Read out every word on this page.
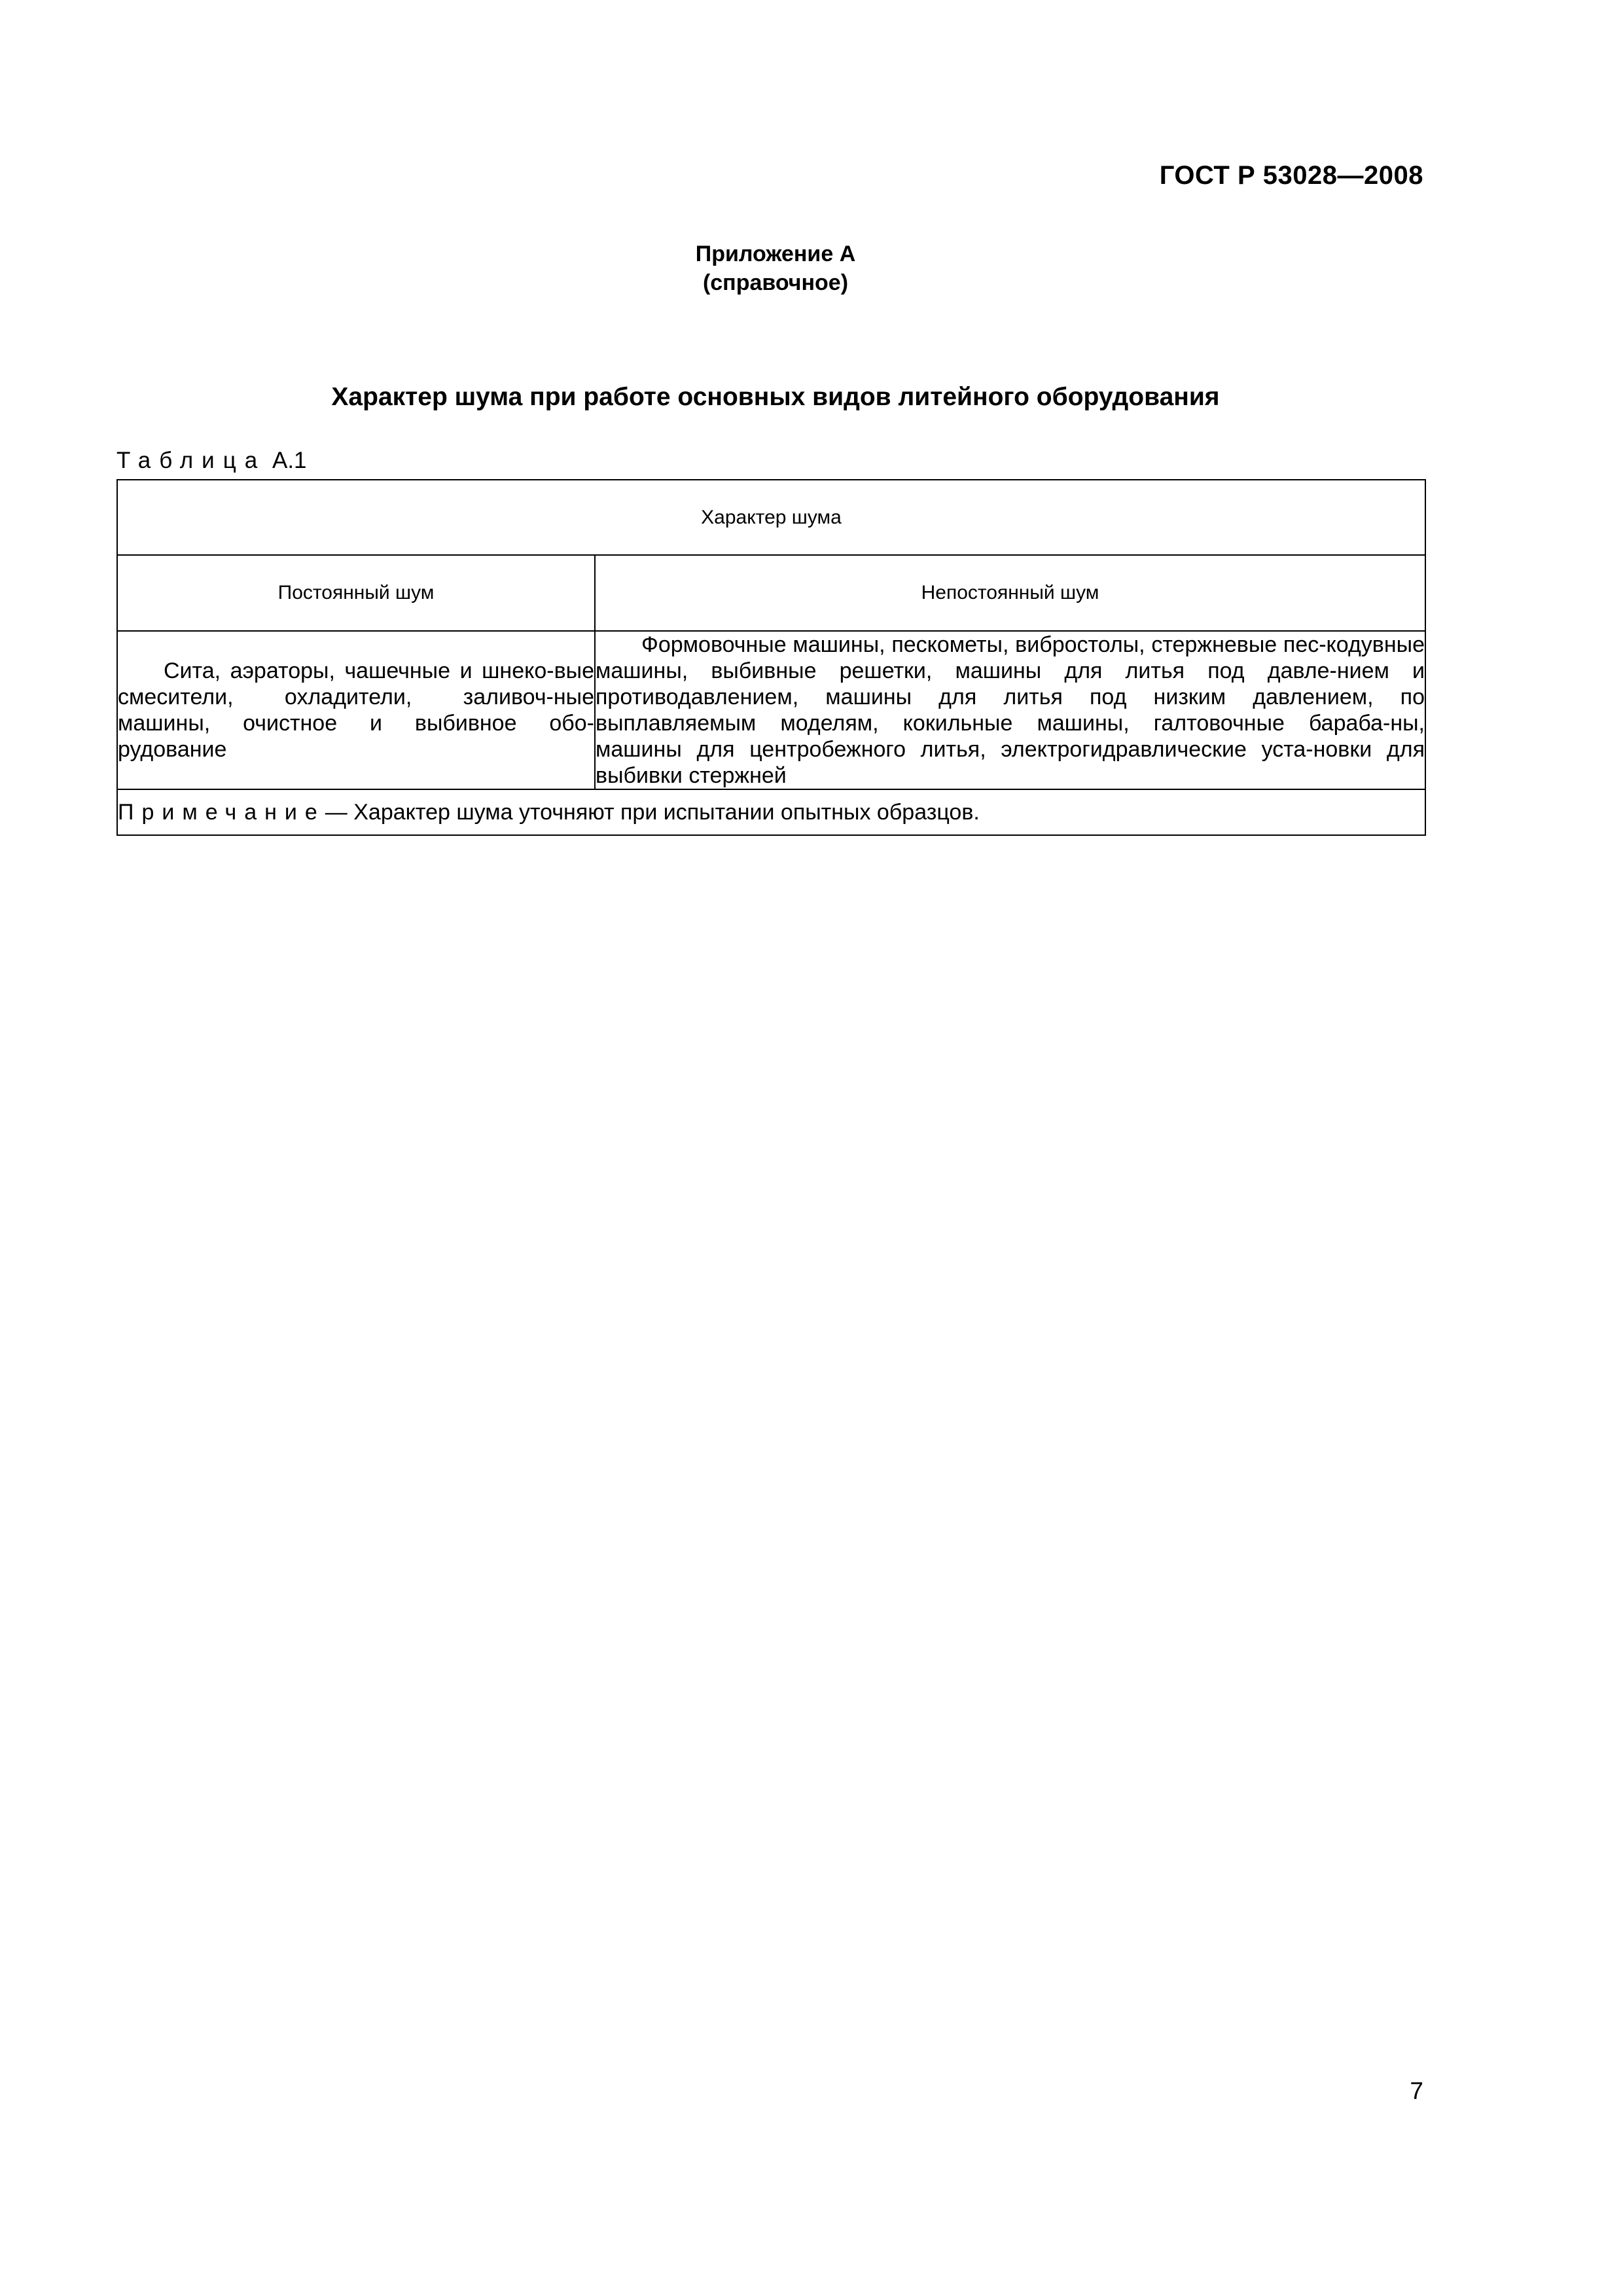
ГОСТ Р 53028—2008
Приложение А
(справочное)
Характер шума при работе основных видов литейного оборудования
Таблица А.1
Характер шума	
Постоянный шум	Непостоянный шум

Сита, аэраторы, чашечные и шнеко-вые смесители, охладители, заливоч-ные машины, очистное и выбивное обо-рудование	Формовочные машины, пескометы, вибростолы, стержневые пес-кодувные машины, выбивные решетки, машины для литья под давле-нием и противодавлением, машины для литья под низким давлением, по выплавляемым моделям, кокильные машины, галтовочные бараба-ны, машины для центробежного литья, электрогидравлические уста-новки для выбивки стержней

Примечание— Характер шума уточняют при испытании опытных образцов.	
7
